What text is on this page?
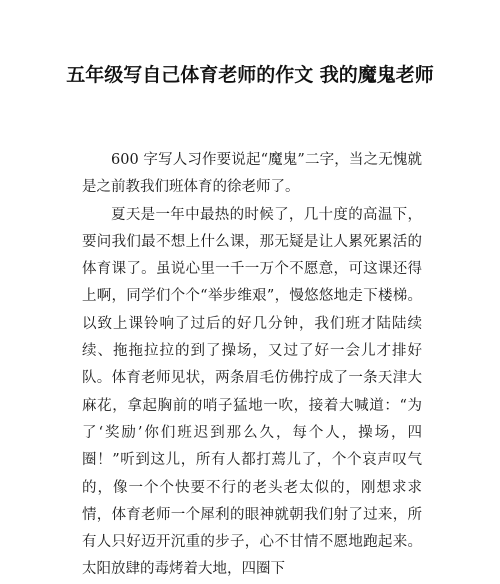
五年级写自己体育老师的作文 我的魔鬼老师

600 字写人习作要说起“魔鬼”二字，当之无愧就是之前教我们班体育的徐老师了。

夏天是一年中最热的时候了，几十度的高温下，要问我们最不想上什么课，那无疑是让人累死累活的体育课了。虽说心里一千一万个不愿意，可这课还得上啊，同学们个个“举步维艰”，慢悠悠地走下楼梯。以致上课铃响了过后的好几分钟，我们班才陆陆续续、拖拖拉拉的到了操场，又过了好一会儿才排好队。体育老师见状，两条眉毛仿佛拧成了一条天津大麻花，拿起胸前的哨子猛地一吹，接着大喊道：“为了‘奖励’你们班迟到那么久，每个人，操场，四圈！”听到这儿，所有人都打蔫儿了，个个哀声叹气的，像一个个快要不行的老头老太似的，刚想求求情，体育老师一个犀利的眼神就朝我们射了过来，所有人只好迈开沉重的步子，心不甘情不愿地跑起来。太阳放肆的毒烤着大地，四圈下
